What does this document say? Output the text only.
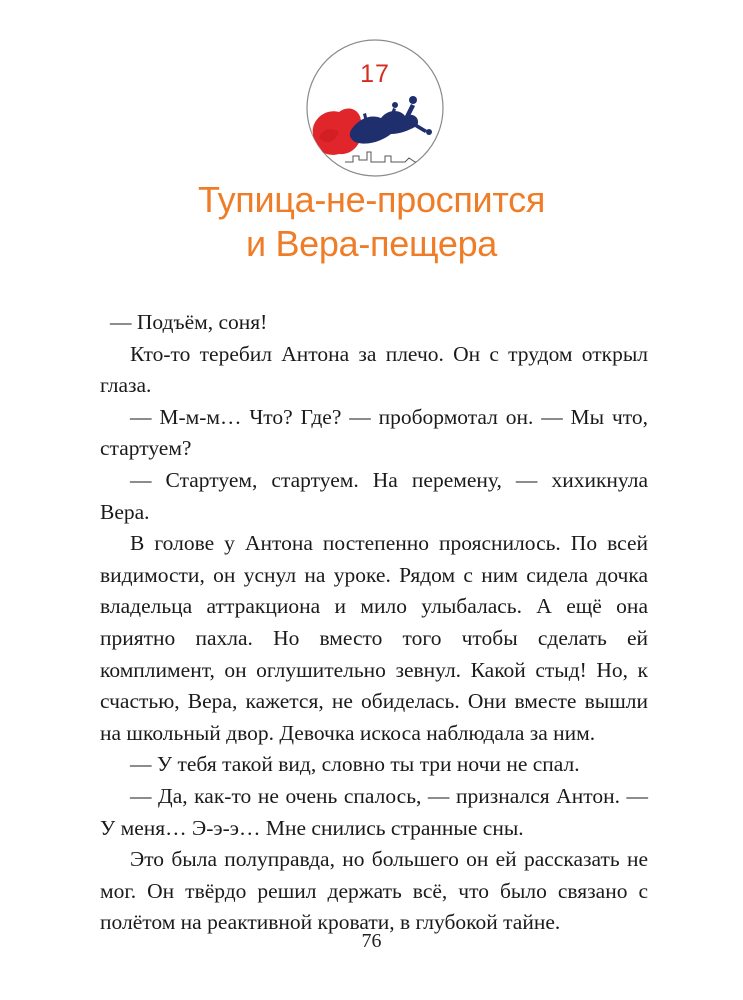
17
Тупица-не-проспится
и Вера-пещера

— Подъём, соня!

Кто-то теребил Антона за плечо. Он с трудом открыл глаза.

— М-м-м… Что? Где? — пробормотал он. — Мы что, стартуем?

— Стартуем, стартуем. На перемену, — хихикнула Вера.

В голове у Антона постепенно прояснилось. По всей видимости, он уснул на уроке. Рядом с ним сидела дочка владельца аттракциона и мило улыбалась. А ещё она приятно пахла. Но вместо того чтобы сделать ей комплимент, он оглушительно зевнул. Какой стыд! Но, к счастью, Вера, кажется, не обиделась. Они вместе вышли на школьный двор. Девочка искоса наблюдала за ним.

— У тебя такой вид, словно ты три ночи не спал.

— Да, как-то не очень спалось, — признался Антон. — У меня… Э-э-э… Мне снились странные сны.

Это была полуправда, но большего он ей рассказать не мог. Он твёрдо решил держать всё, что было связано с полётом на реактивной кровати, в глубокой тайне.

76
